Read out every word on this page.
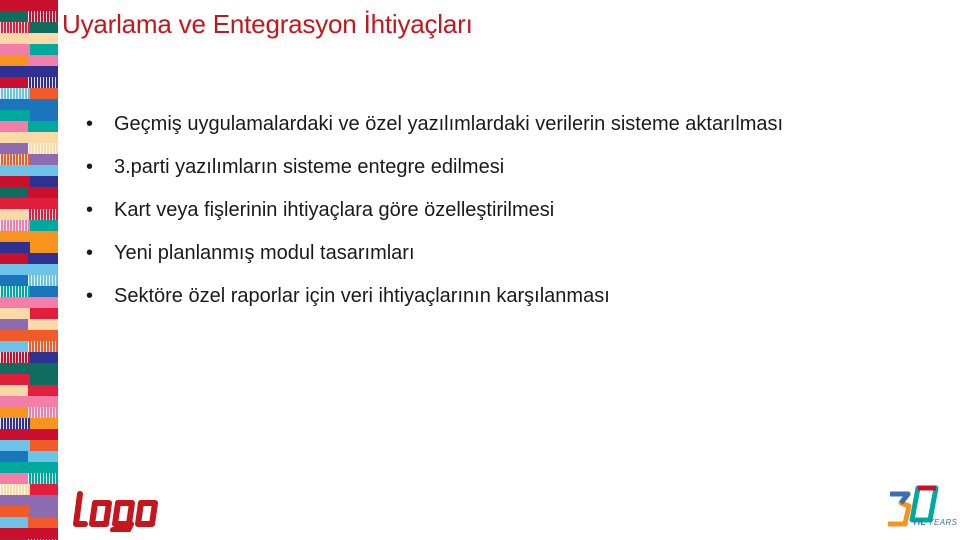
Uyarlama ve Entegrasyon İhtiyaçları
• Geçmiş uygulamalardaki ve özel yazılımlardaki verilerin sisteme aktarılması
• 3.parti yazılımların sisteme entegre edilmesi
• Kart veya fişlerinin ihtiyaçlara göre özelleştirilmesi
• Yeni planlanmış modul tasarımları
• Sektöre özel raporlar için veri ihtiyaçlarının karşılanması
YIL YEARS
